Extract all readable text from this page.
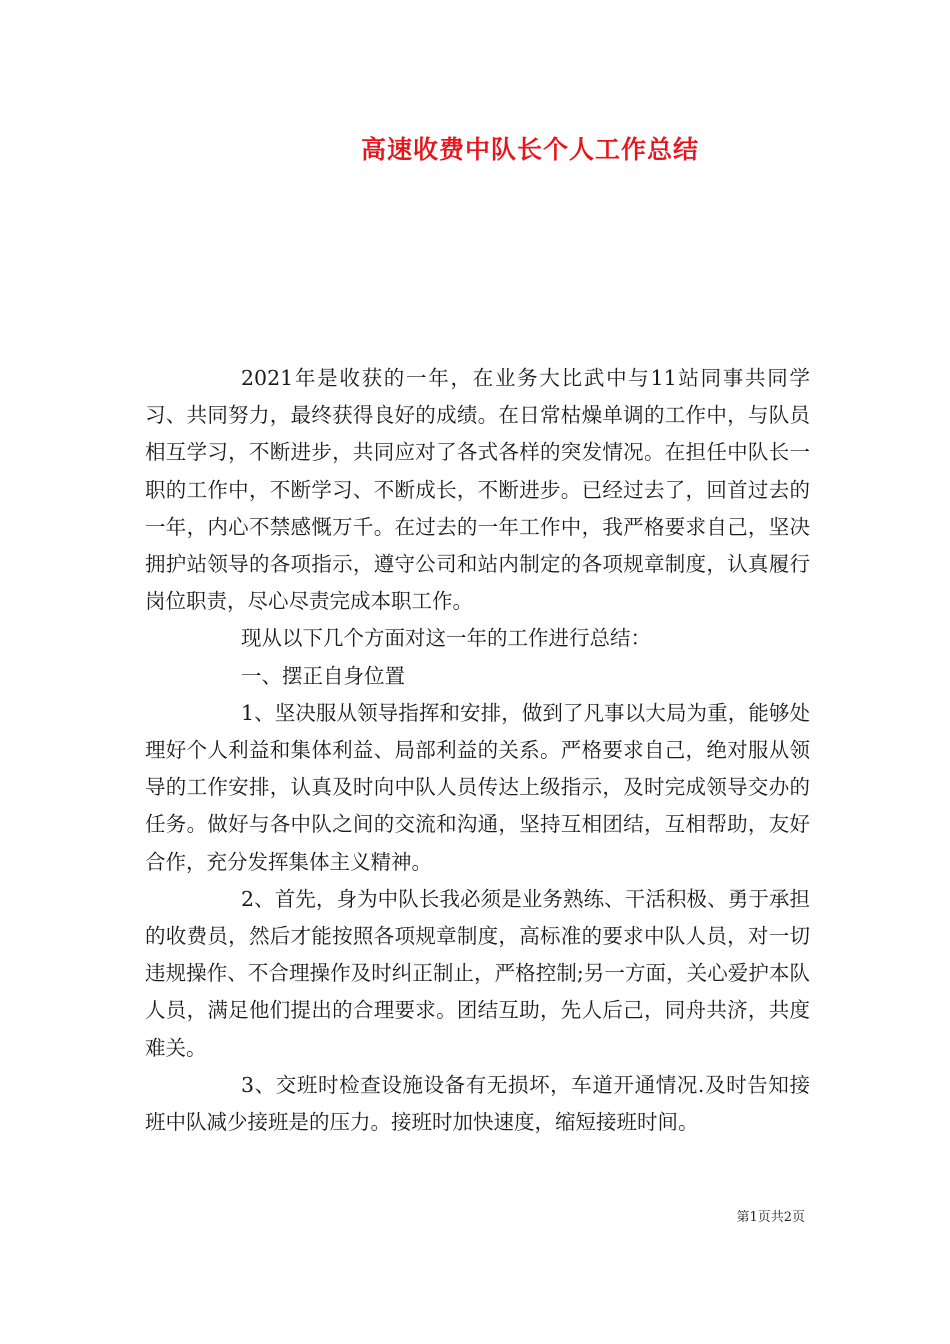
高速收费中队长个人工作总结

2021年是收获的一年，在业务大比武中与11站同事共同学习、共同努力，最终获得良好的成绩。在日常枯燥单调的工作中，与队员相互学习，不断进步，共同应对了各式各样的突发情况。在担任中队长一职的工作中，不断学习、不断成长，不断进步。已经过去了，回首过去的一年，内心不禁感慨万千。在过去的一年工作中，我严格要求自己，坚决拥护站领导的各项指示，遵守公司和站内制定的各项规章制度，认真履行岗位职责，尽心尽责完成本职工作。

现从以下几个方面对这一年的工作进行总结：

一、摆正自身位置

1、坚决服从领导指挥和安排，做到了凡事以大局为重，能够处理好个人利益和集体利益、局部利益的关系。严格要求自己，绝对服从领导的工作安排，认真及时向中队人员传达上级指示，及时完成领导交办的任务。做好与各中队之间的交流和沟通，坚持互相团结，互相帮助，友好合作，充分发挥集体主义精神。

2、首先，身为中队长我必须是业务熟练、干活积极、勇于承担的收费员，然后才能按照各项规章制度，高标准的要求中队人员，对一切违规操作、不合理操作及时纠正制止，严格控制;另一方面，关心爱护本队人员，满足他们提出的合理要求。团结互助，先人后己，同舟共济，共度难关。

3、交班时检查设施设备有无损坏，车道开通情况.及时告知接班中队减少接班是的压力。接班时加快速度，缩短接班时间。

第1页共2页
